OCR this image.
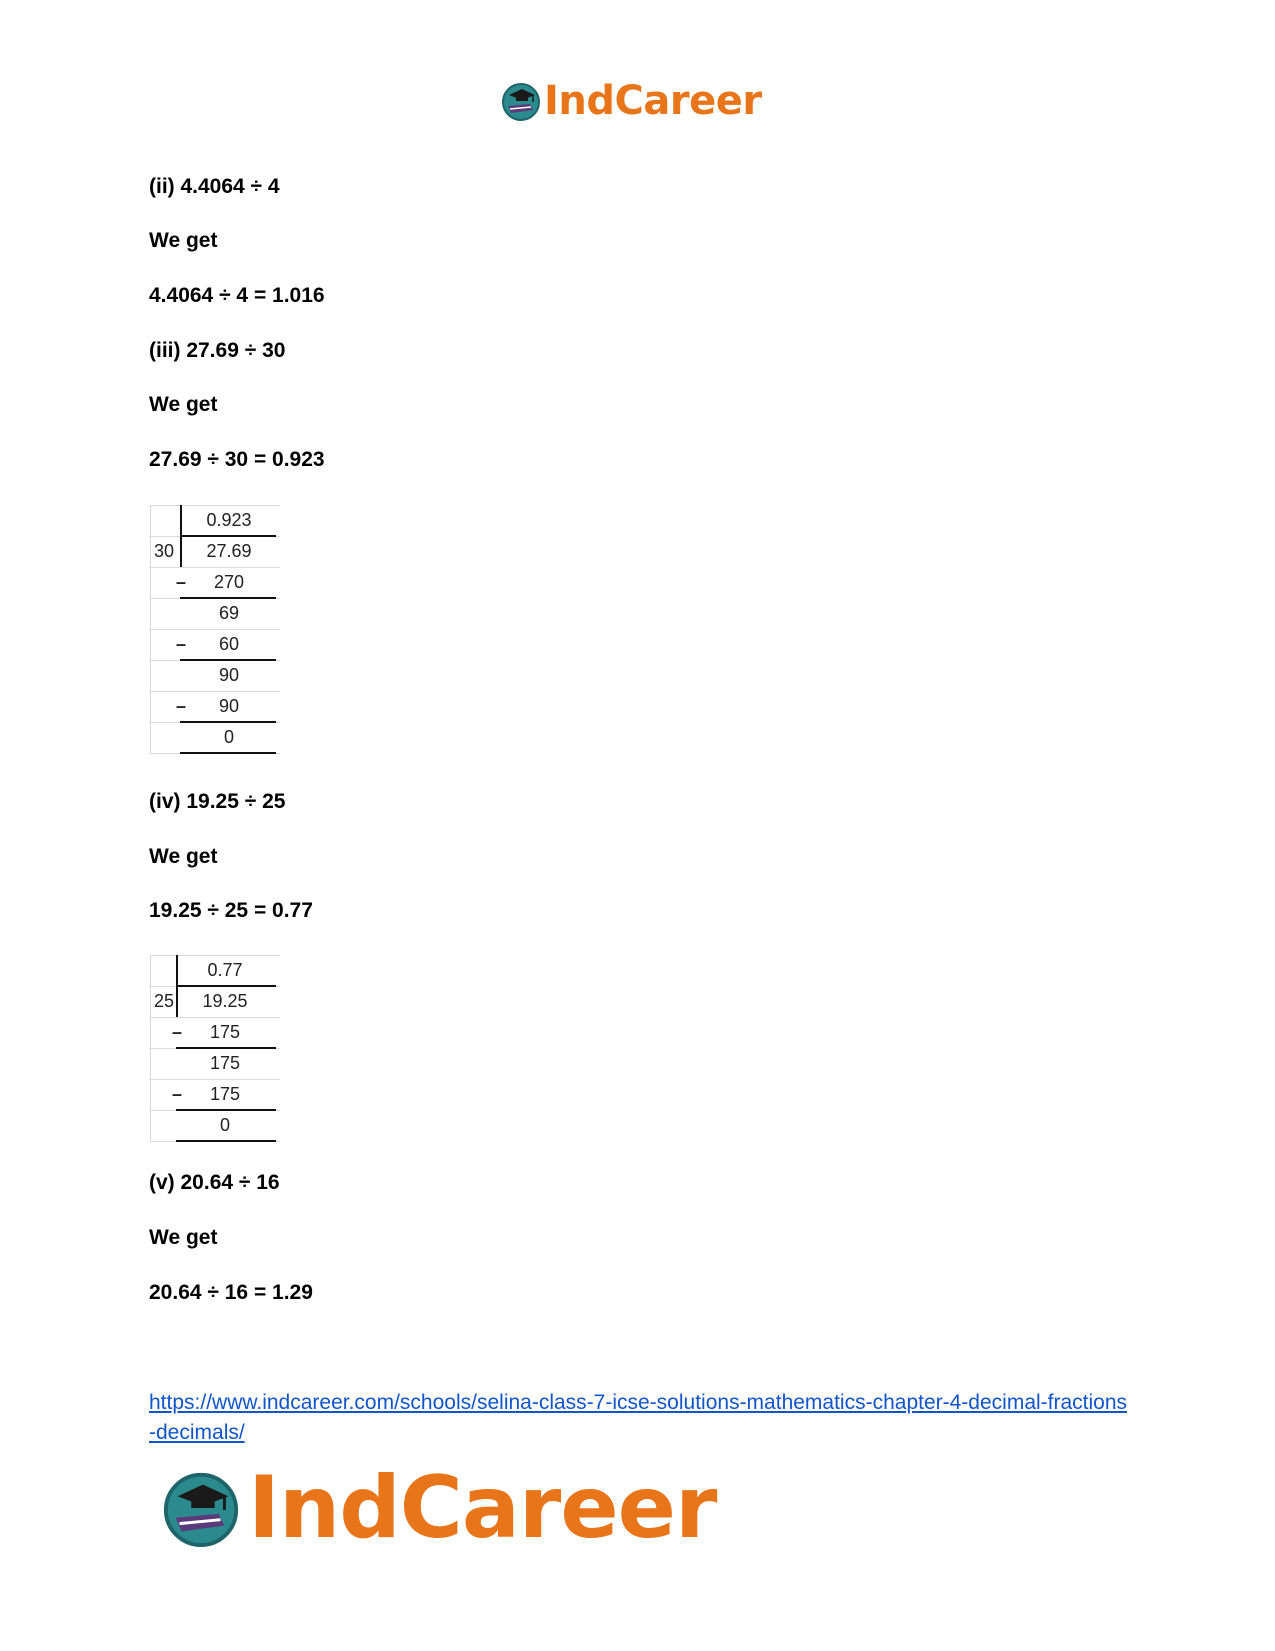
IndCareer

(ii) 4.4064 ÷ 4

We get

4.4064 ÷ 4 = 1.016

(iii) 27.69 ÷ 30

We get

27.69 ÷ 30 = 0.923

0.923
30	27.69
–	270
69
–	60
90
–	90
0

(iv) 19.25 ÷ 25

We get

19.25 ÷ 25 = 0.77

0.77
25	19.25
–	175
175
–	175
0

(v) 20.64 ÷ 16

We get

20.64 ÷ 16 = 1.29

https://www.indcareer.com/schools/selina-class-7-icse-solutions-mathematics-chapter-4-decimal-fractions-decimals/
IndCareer
